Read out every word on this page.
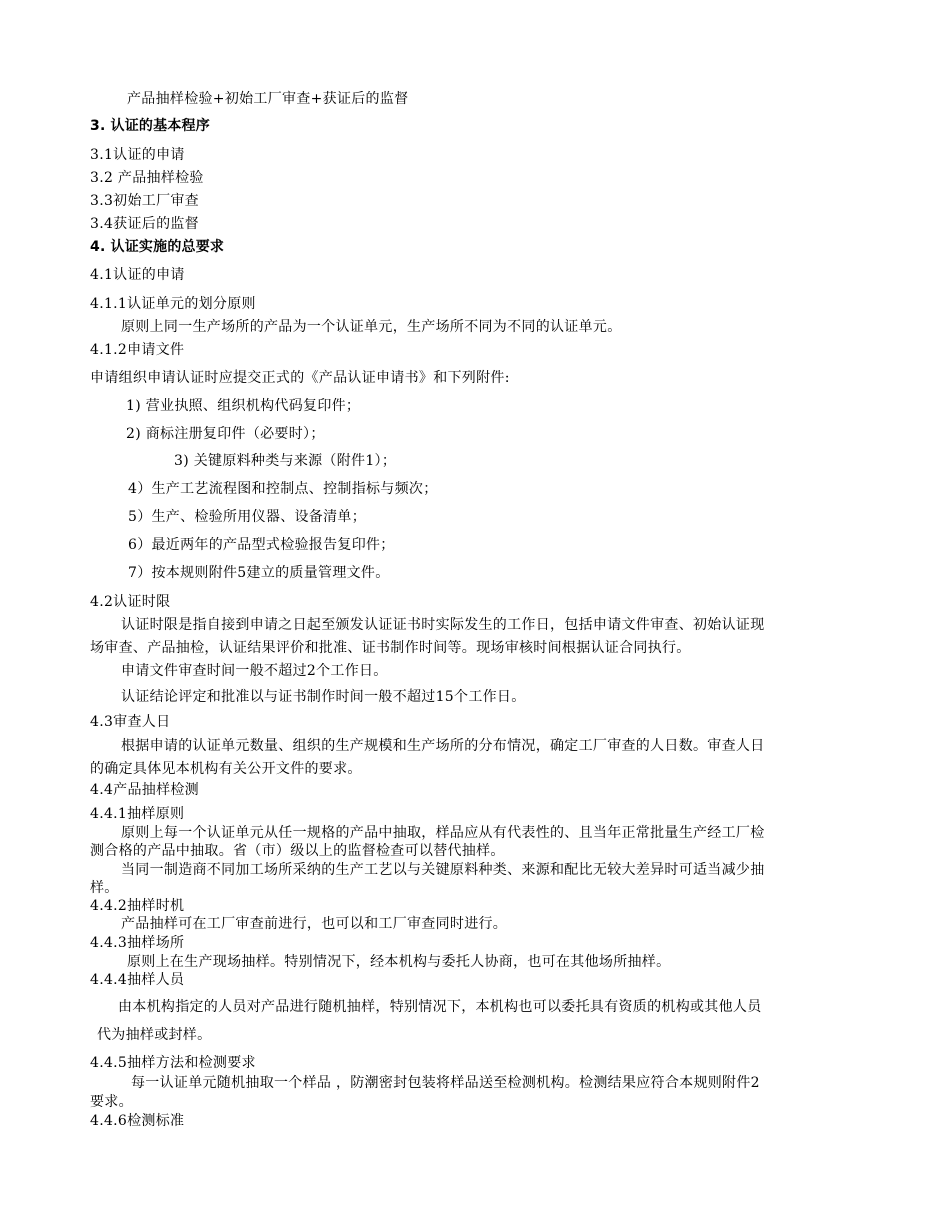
产品抽样检验+初始工厂审查+获证后的监督
3. 认证的基本程序
3.1认证的申请
3.2 产品抽样检验
3.3初始工厂审查
3.4获证后的监督
4. 认证实施的总要求
4.1认证的申请
4.1.1认证单元的划分原则
原则上同一生产场所的产品为一个认证单元，生产场所不同为不同的认证单元。
4.1.2申请文件
申请组织申请认证时应提交正式的《产品认证申请书》和下列附件:
1) 营业执照、组织机构代码复印件；
2) 商标注册复印件（必要时）；
3) 关键原料种类与来源（附件1）；
4）生产工艺流程图和控制点、控制指标与频次；
5）生产、检验所用仪器、设备清单；
6）最近两年的产品型式检验报告复印件；
7）按本规则附件5建立的质量管理文件。
4.2认证时限
认证时限是指自接到申请之日起至颁发认证证书时实际发生的工作日，包括申请文件审查、初始认证现
场审查、产品抽检，认证结果评价和批准、证书制作时间等。现场审核时间根据认证合同执行。
申请文件审查时间一般不超过2个工作日。
认证结论评定和批准以与证书制作时间一般不超过15个工作日。
4.3审查人日
根据申请的认证单元数量、组织的生产规模和生产场所的分布情况，确定工厂审查的人日数。审查人日
的确定具体见本机构有关公开文件的要求。
4.4产品抽样检测
4.4.1抽样原则
原则上每一个认证单元从任一规格的产品中抽取，样品应从有代表性的、且当年正常批量生产经工厂检
测合格的产品中抽取。省（市）级以上的监督检查可以替代抽样。
当同一制造商不同加工场所采纳的生产工艺以与关键原料种类、来源和配比无较大差异时可适当减少抽
样。
4.4.2抽样时机
产品抽样可在工厂审查前进行，也可以和工厂审查同时进行。
4.4.3抽样场所
原则上在生产现场抽样。特别情况下，经本机构与委托人协商，也可在其他场所抽样。
4.4.4抽样人员
由本机构指定的人员对产品进行随机抽样，特别情况下，本机构也可以委托具有资质的机构或其他人员
代为抽样或封样。
4.4.5抽样方法和检测要求
每一认证单元随机抽取一个样品 ，防潮密封包装将样品送至检测机构。检测结果应符合本规则附件2
要求。
4.4.6检测标准
